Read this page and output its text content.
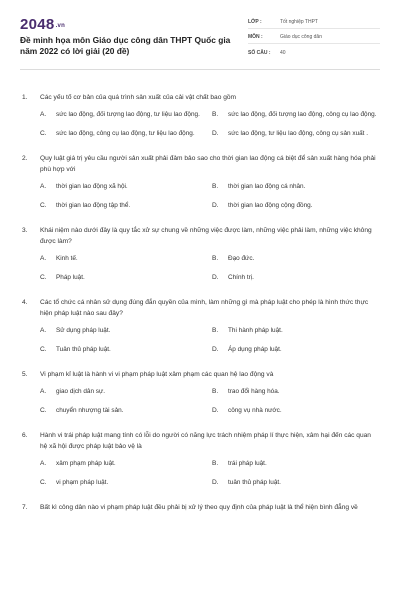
2048.vn
Đề minh họa môn Giáo dục công dân THPT Quốc gia năm 2022 có lời giải (20 đề)
LỚP :	Tốt nghiệp THPT
MÔN :	Giáo dục công dân
SỐ CÂU :	40
1.	Các yếu tố cơ bản của quá trình sản xuất của cải vật chất bao gồm
A.	sức lao động, đối tượng lao động, tư liệu lao động.	B.	sức lao động, đối tượng lao động, công cụ lao động.
C.	sức lao động, công cụ lao động, tư liệu lao động.	D.	sức lao động, tư liệu lao động, công cụ sản xuất .
2.	Quy luật giá trị yêu cầu người sản xuất phải đảm bảo sao cho thời gian lao động cá biệt để sản xuất hàng hóa phải phù hợp với
A.	thời gian lao động xã hội.	B.	thời gian lao động cá nhân.
C.	thời gian lao động tập thể.	D.	thời gian lao động cộng đồng.
3.	Khái niệm nào dưới đây là quy tắc xử sự chung về những việc được làm, những việc phải làm, những việc không được làm?
A.	Kinh tế.	B.	Đạo đức.
C.	Pháp luật.	D.	Chính trị.
4.	Các tổ chức cá nhân sử dụng đúng đắn quyền của mình, làm những gì mà pháp luật cho phép là hình thức thực hiện pháp luật nào sau đây?
A.	Sử dụng pháp luật.	B.	Thi hành pháp luật.
C.	Tuân thủ pháp luật.	D.	Áp dụng pháp luật.
5.	Vi phạm kỉ luật là hành vi vi phạm pháp luật xâm phạm các quan hệ lao động và
A.	giao dịch dân sự.	B.	trao đổi hàng hóa.
C.	chuyển nhượng tài sản.	D.	công vụ nhà nước.
6.	Hành vi trái pháp luật mang tính có lỗi do người có năng lực trách nhiệm pháp lí thực hiện, xâm hại đến các quan hệ xã hội được pháp luật bảo vệ là
A.	xâm phạm pháp luật.	B.	trái pháp luật.
C.	vi phạm pháp luật.	D.	tuân thủ pháp luật.
7.	Bất kì công dân nào vi phạm pháp luật đều phải bị xử lý theo quy định của pháp luật là thể hiện bình đẳng về
